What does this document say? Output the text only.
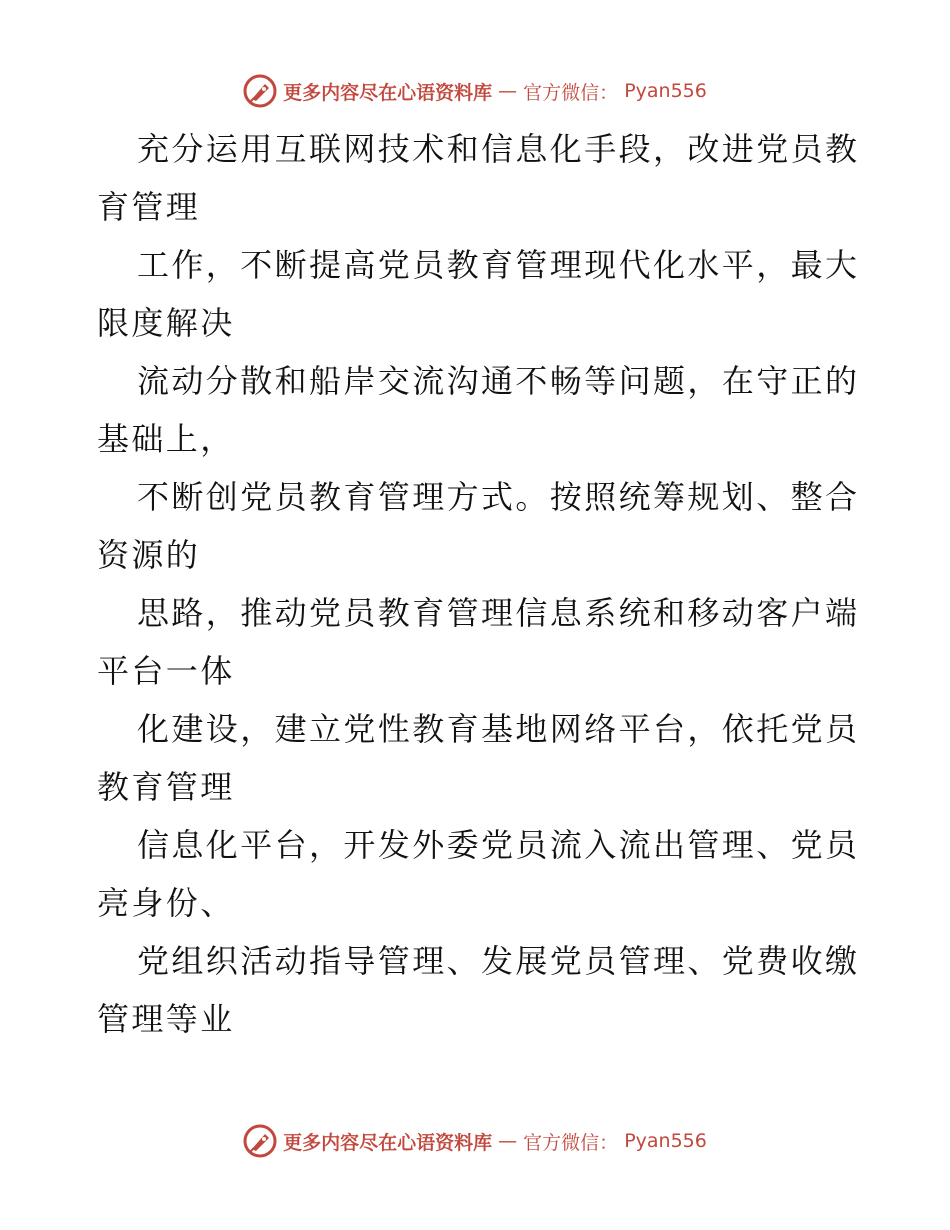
更多内容尽在心语资料库 — 官方微信： Pyan556

充分运用互联网技术和信息化手段，改进党员教
育管理

工作，不断提高党员教育管理现代化水平，最大
限度解决

流动分散和船岸交流沟通不畅等问题，在守正的
基础上，

不断创党员教育管理方式。按照统筹规划、整合
资源的

思路，推动党员教育管理信息系统和移动客户端
平台一体

化建设，建立党性教育基地网络平台，依托党员
教育管理

信息化平台，开发外委党员流入流出管理、党员
亮身份、

党组织活动指导管理、发展党员管理、党费收缴
管理等业

更多内容尽在心语资料库 — 官方微信： Pyan556
